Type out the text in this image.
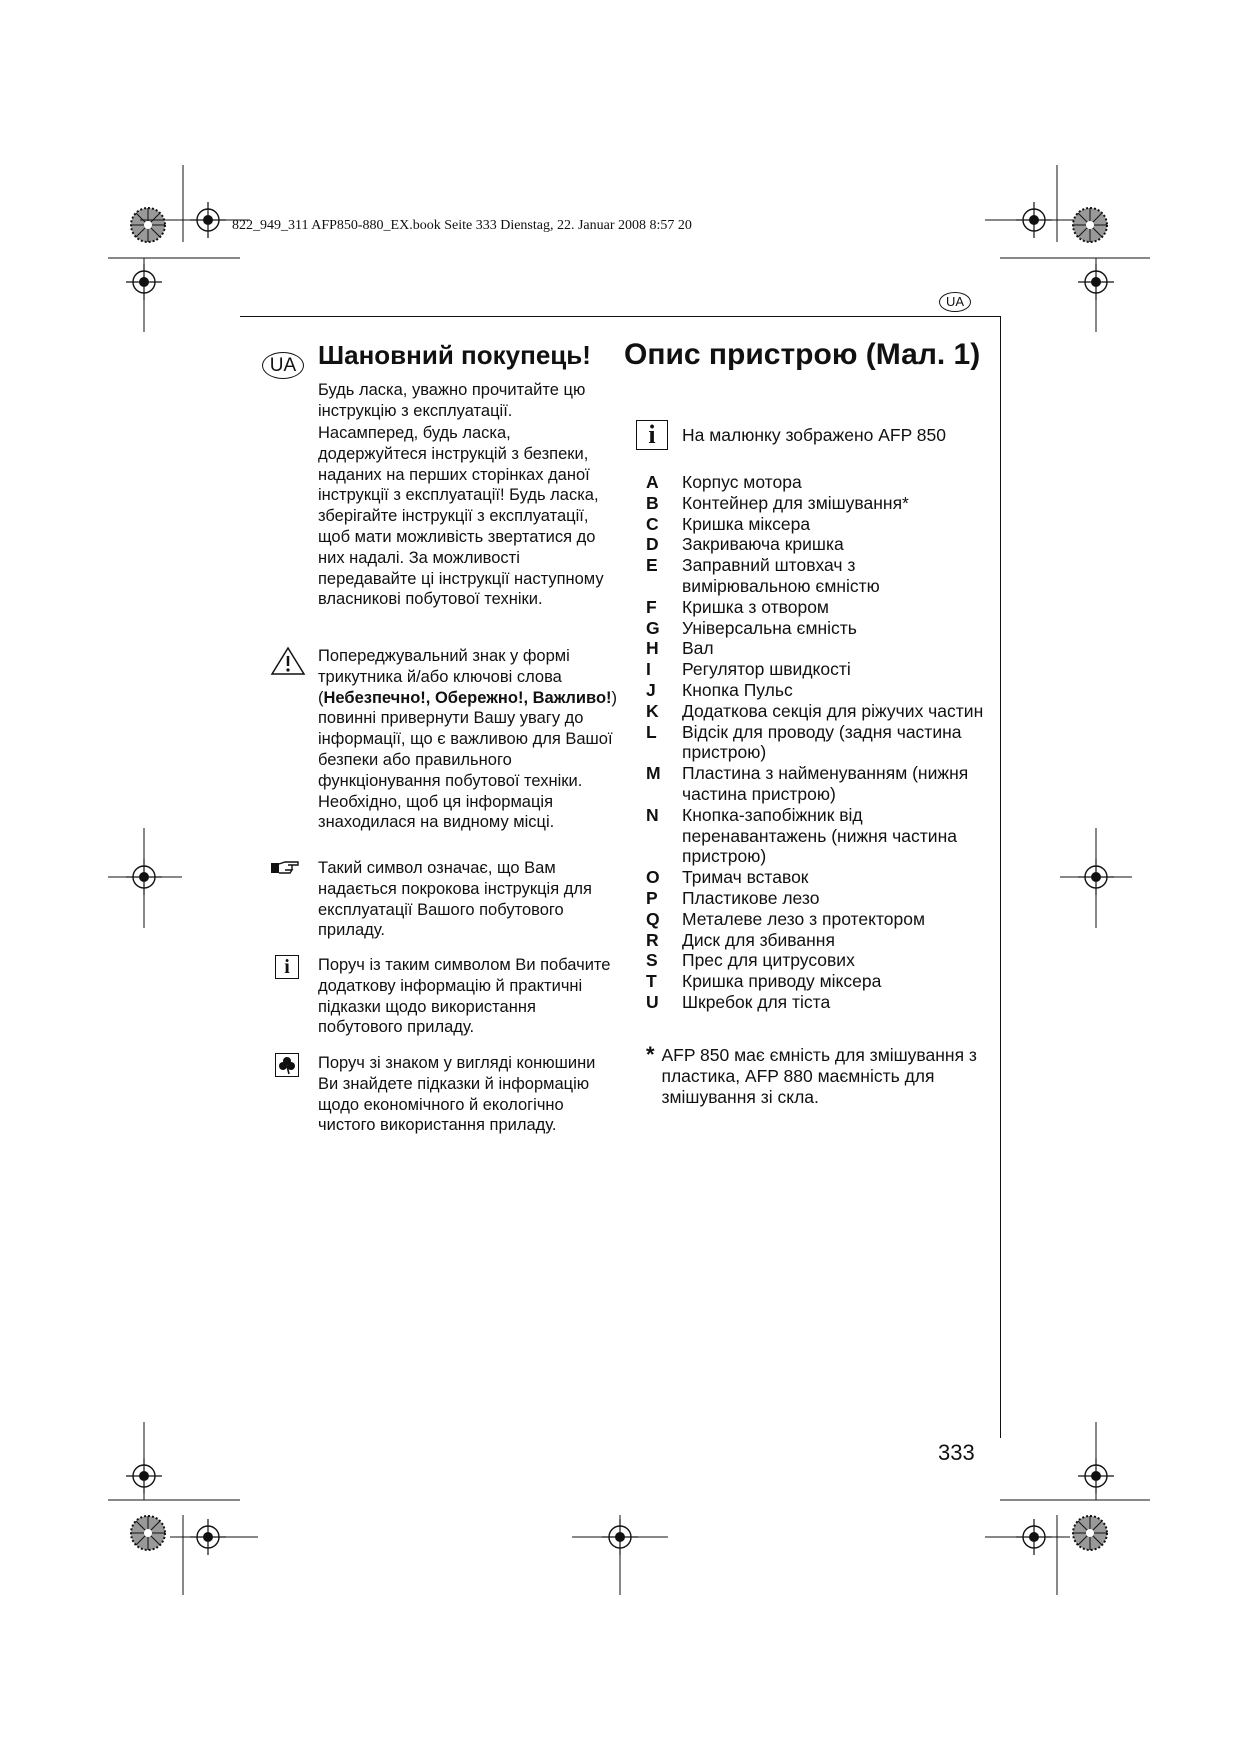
822_949_311 AFP850-880_EX.book Seite 333 Dienstag, 22. Januar 2008 8:57 20
UA
UA Шановний покупець!
Будь ласка, уважно прочитайте цю інструкцію з експлуатації.
Насамперед, будь ласка, додержуйтеся інструкцій з безпеки, наданих на перших сторінках даної інструкції з експлуатації! Будь ласка, зберігайте інструкції з експлуатації, щоб мати можливість звертатися до них надалі. За можливості передавайте ці інструкції наступному власникові побутової техніки.
Попереджувальний знак у формі трикутника й/або ключові слова (Небезпечно!, Обережно!, Важливо!) повинні привернути Вашу увагу до інформації, що є важливою для Вашої безпеки або правильного функціонування побутової техніки. Необхідно, щоб ця інформація знаходилася на видному місці.
Такий символ означає, що Вам надається покрокова інструкція для експлуатації Вашого побутового приладу.
i	Поруч із таким символом Ви побачите додаткову інформацію й практичні підказки щодо використання побутового приладу.
Поруч зі знаком у вигляді конюшини Ви знайдете підказки й інформацію щодо економічного й екологічно чистого використання приладу.
Опис пристрою (Мал. 1)
i	На малюнку зображено AFP 850
A	Корпус мотора
B	Контейнер для змішування*
C	Кришка міксера
D	Закриваюча кришка
E	Заправний штовхач з вимірювальною ємністю
F	Кришка з отвором
G	Універсальна ємність
H	Вал
I	Регулятор швидкості
J	Кнопка Пульс
K	Додаткова секція для ріжучих частин
L	Відсік для проводу (задня частина пристрою)
M	Пластина з найменуванням (нижня частина пристрою)
N	Кнопка-запобіжник від перенавантажень (нижня частина пристрою)
O	Тримач вставок
P	Пластикове лезо
Q	Металеве лезо з протектором
R	Диск для збивання
S	Прес для цитрусових
T	Кришка приводу міксера
U	Шкребок для тіста
* AFP 850 має ємність для змішування з пластика, AFP 880 маємність для змішування зі скла.
333
